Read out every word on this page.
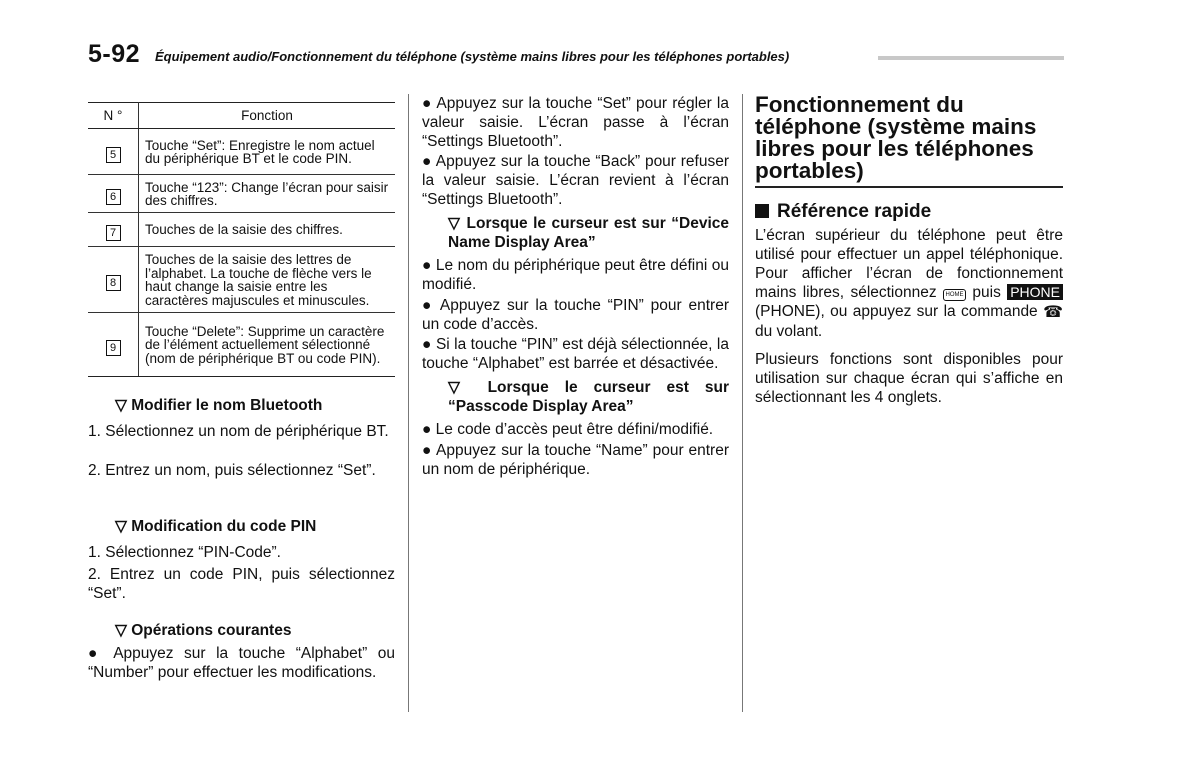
5-92 Équipement audio/Fonctionnement du téléphone (système mains libres pour les téléphones portables)
N °	Fonction
5	Touche “Set”: Enregistre le nom actuel du périphérique BT et le code PIN.
6	Touche “123”: Change l’écran pour saisir des chiffres.
7	Touches de la saisie des chiffres.
8	Touches de la saisie des lettres de l’alphabet. La touche de flèche vers le haut change la saisie entre les caractères majuscules et minuscules.
9	Touche “Delete”: Supprime un caractère de l’élément actuellement sélectionné (nom de périphérique BT ou code PIN).

▽ Modifier le nom Bluetooth

1. Sélectionnez un nom de périphérique BT.

2. Entrez un nom, puis sélectionnez “Set”.

▽ Modification du code PIN

1. Sélectionnez “PIN-Code”.

2. Entrez un code PIN, puis sélectionnez “Set”.

▽ Opérations courantes

● Appuyez sur la touche “Alphabet” ou “Number” pour effectuer les modifications.

● Appuyez sur la touche “Set” pour régler la valeur saisie. L’écran passe à l’écran “Settings Bluetooth”.

● Appuyez sur la touche “Back” pour refuser la valeur saisie. L’écran revient à l’écran “Settings Bluetooth”.

▽ Lorsque le curseur est sur “Device Name Display Area”

● Le nom du périphérique peut être défini ou modifié.

● Appuyez sur la touche “PIN” pour entrer un code d’accès.

● Si la touche “PIN” est déjà sélectionnée, la touche “Alphabet” est barrée et désactivée.

▽ Lorsque le curseur est sur “Passcode Display Area”

● Le code d’accès peut être défini/modifié.

● Appuyez sur la touche “Name” pour entrer un nom de périphérique.

Fonctionnement du téléphone (système mains libres pour les téléphones portables)
Référence rapide

L’écran supérieur du téléphone peut être utilisé pour effectuer un appel téléphonique. Pour afficher l’écran de fonctionnement mains libres, sélectionnez HOME puis PHONE (PHONE), ou appuyez sur la commande ☎ du volant.

Plusieurs fonctions sont disponibles pour utilisation sur chaque écran qui s’affiche en sélectionnant les 4 onglets.
